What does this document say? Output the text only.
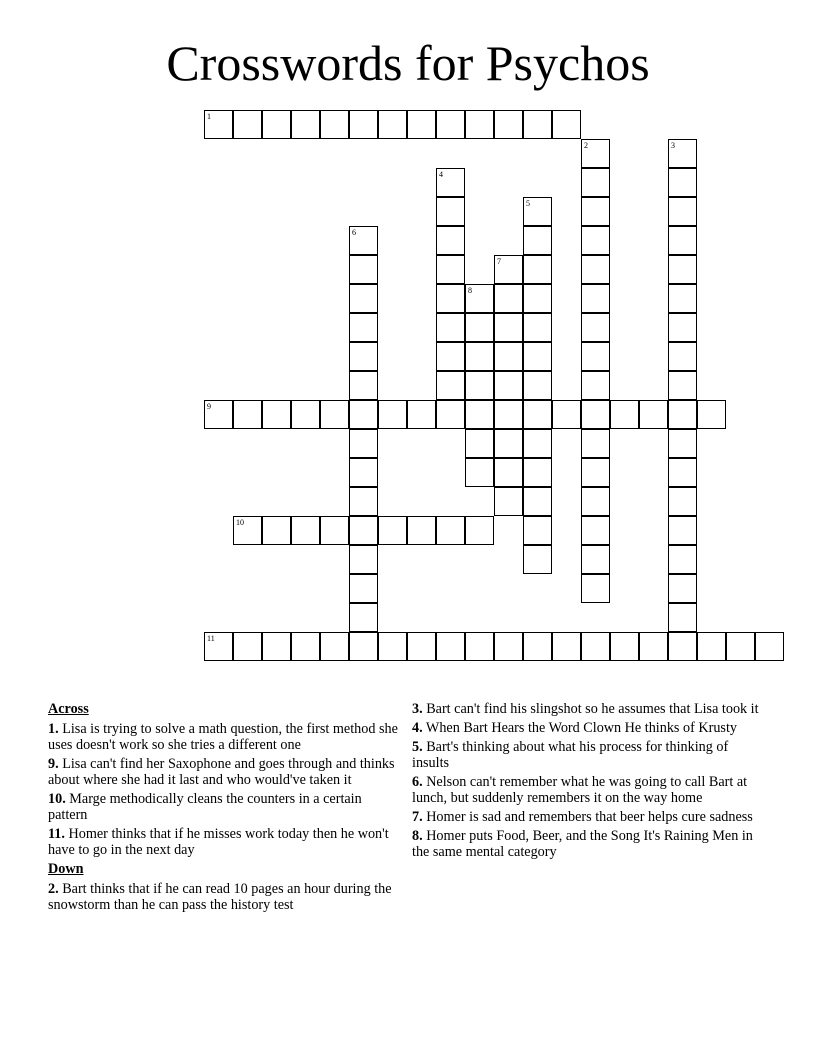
Crosswords for Psychos
1
2	3
4
5
6
7
8
9
10
11
Across
1. Lisa is trying to solve a math question, the first method she uses doesn't work so she tries a different one
9. Lisa can't find her Saxophone and goes through and thinks about where she had it last and who would've taken it
10. Marge methodically cleans the counters in a certain pattern
11. Homer thinks that if he misses work today then he won't have to go in the next day
Down
2. Bart thinks that if he can read 10 pages an hour during the snowstorm than he can pass the history test
3. Bart can't find his slingshot so he assumes that Lisa took it
4. When Bart Hears the Word Clown He thinks of Krusty
5. Bart's thinking about what his process for thinking of insults
6. Nelson can't remember what he was going to call Bart at lunch, but suddenly remembers it on the way home
7. Homer is sad and remembers that beer helps cure sadness
8. Homer puts Food, Beer, and the Song It's Raining Men in the same mental category
